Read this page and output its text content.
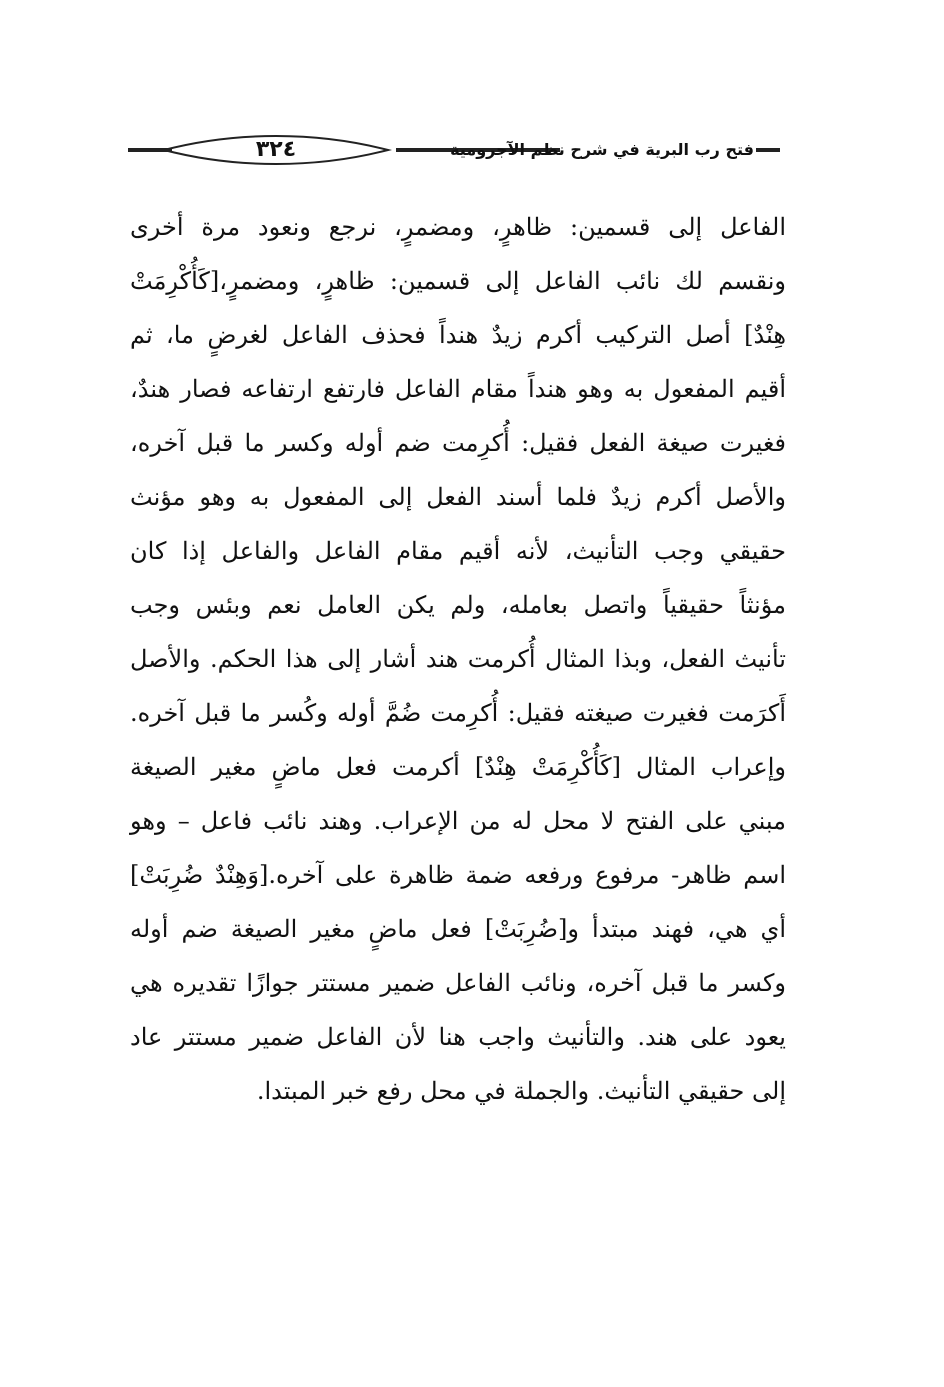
٣٢٤	فتح رب البرية في شرح نظم الآجرومية
الفاعل إلى قسمين: ظاهرٍ، ومضمرٍ، نرجع ونعود مرة أخرى
ونقسم لك نائب الفاعل إلى قسمين: ظاهرٍ، ومضمرٍ،[كَأُكْرِمَتْ
هِنْدٌ] أصل التركيب أكرم زيدٌ هنداً فحذف الفاعل لغرضٍ ما، ثم
أقيم المفعول به وهو هنداً مقام الفاعل فارتفع ارتفاعه فصار هندٌ،
فغيرت صيغة الفعل فقيل: أُكرِمت ضم أوله وكسر ما قبل آخره،
والأصل أكرم زيدٌ فلما أسند الفعل إلى المفعول به وهو مؤنث
حقيقي وجب التأنيث، لأنه أقيم مقام الفاعل والفاعل إذا كان
مؤنثاً حقيقياً واتصل بعامله، ولم يكن العامل نعم وبئس وجب
تأنيث الفعل، وبذا المثال أُكرمت هند أشار إلى هذا الحكم. والأصل
أَكرَمت فغيرت صيغته فقيل: أُكرِمت ضُمَّ أوله وكُسر ما قبل آخره.
وإعراب المثال [كَأُكْرِمَتْ هِنْدٌ] أكرمت فعل ماضٍ مغير الصيغة
مبني على الفتح لا محل له من الإعراب. وهند نائب فاعل – وهو
اسم ظاهر- مرفوع ورفعه ضمة ظاهرة على آخره.[وَهِنْدٌ ضُرِبَتْ]
أي هي، فهند مبتدأ و[ضُرِبَتْ] فعل ماضٍ مغير الصيغة ضم أوله
وكسر ما قبل آخره، ونائب الفاعل ضمير مستتر جوازًا تقديره هي
يعود على هند. والتأنيث واجب هنا لأن الفاعل ضمير مستتر عاد
إلى حقيقي التأنيث. والجملة في محل رفع خبر المبتدا.
